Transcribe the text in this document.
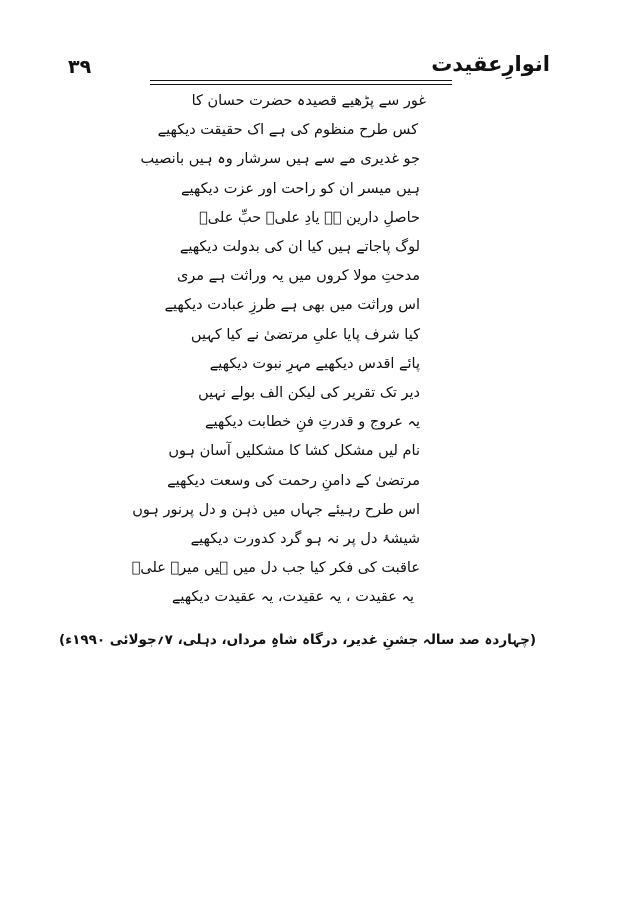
۳۹	انوارِعقیدت
غور سے پڑھیے قصیدہ حضرت حسان کا
کس طرح منظوم کی ہے اک حقیقت دیکھیے
جو غدیری مے سے ہیں سرشار وہ ہیں بانصیب
ہیں میسر ان کو راحت اور عزت دیکھیے
حاصلِ دارین ہے یادِ علیؑ حبِّ علیؑ
لوگ پاجاتے ہیں کیا ان کی بدولت دیکھیے
مدحتِ مولا کروں میں یہ وراثت ہے مری
اس وراثت میں بھی ہے طرزِ عبادت دیکھیے
کیا شرف پایا علیِ مرتضیٰ نے کیا کہیں
پائے اقدس دیکھیے مہرِ نبوت دیکھیے
دیر تک تقریر کی لیکن الف بولے نہیں
یہ عروج و قدرتِ فنِ خطابت دیکھیے
نام لیں مشکل کشا کا مشکلیں آسان ہوں
مرتضیٰ کے دامنِ رحمت کی وسعت دیکھیے
اس طرح رہیئے جہاں میں ذہن و دل پرنور ہوں
شیشۂ دل پر نہ ہو گرد کدورت دیکھیے
عاقبت کی فکر کیا جب دل میں ہیں میرے علیؑ
یہ عقیدت ، یہ عقیدت، یہ عقیدت دیکھیے
(چہاردہ صد سالہ جشنِ غدیر، درگاہ شاہِ مرداں، دہلی، ۷؍جولائی ۱۹۹۰ء)
